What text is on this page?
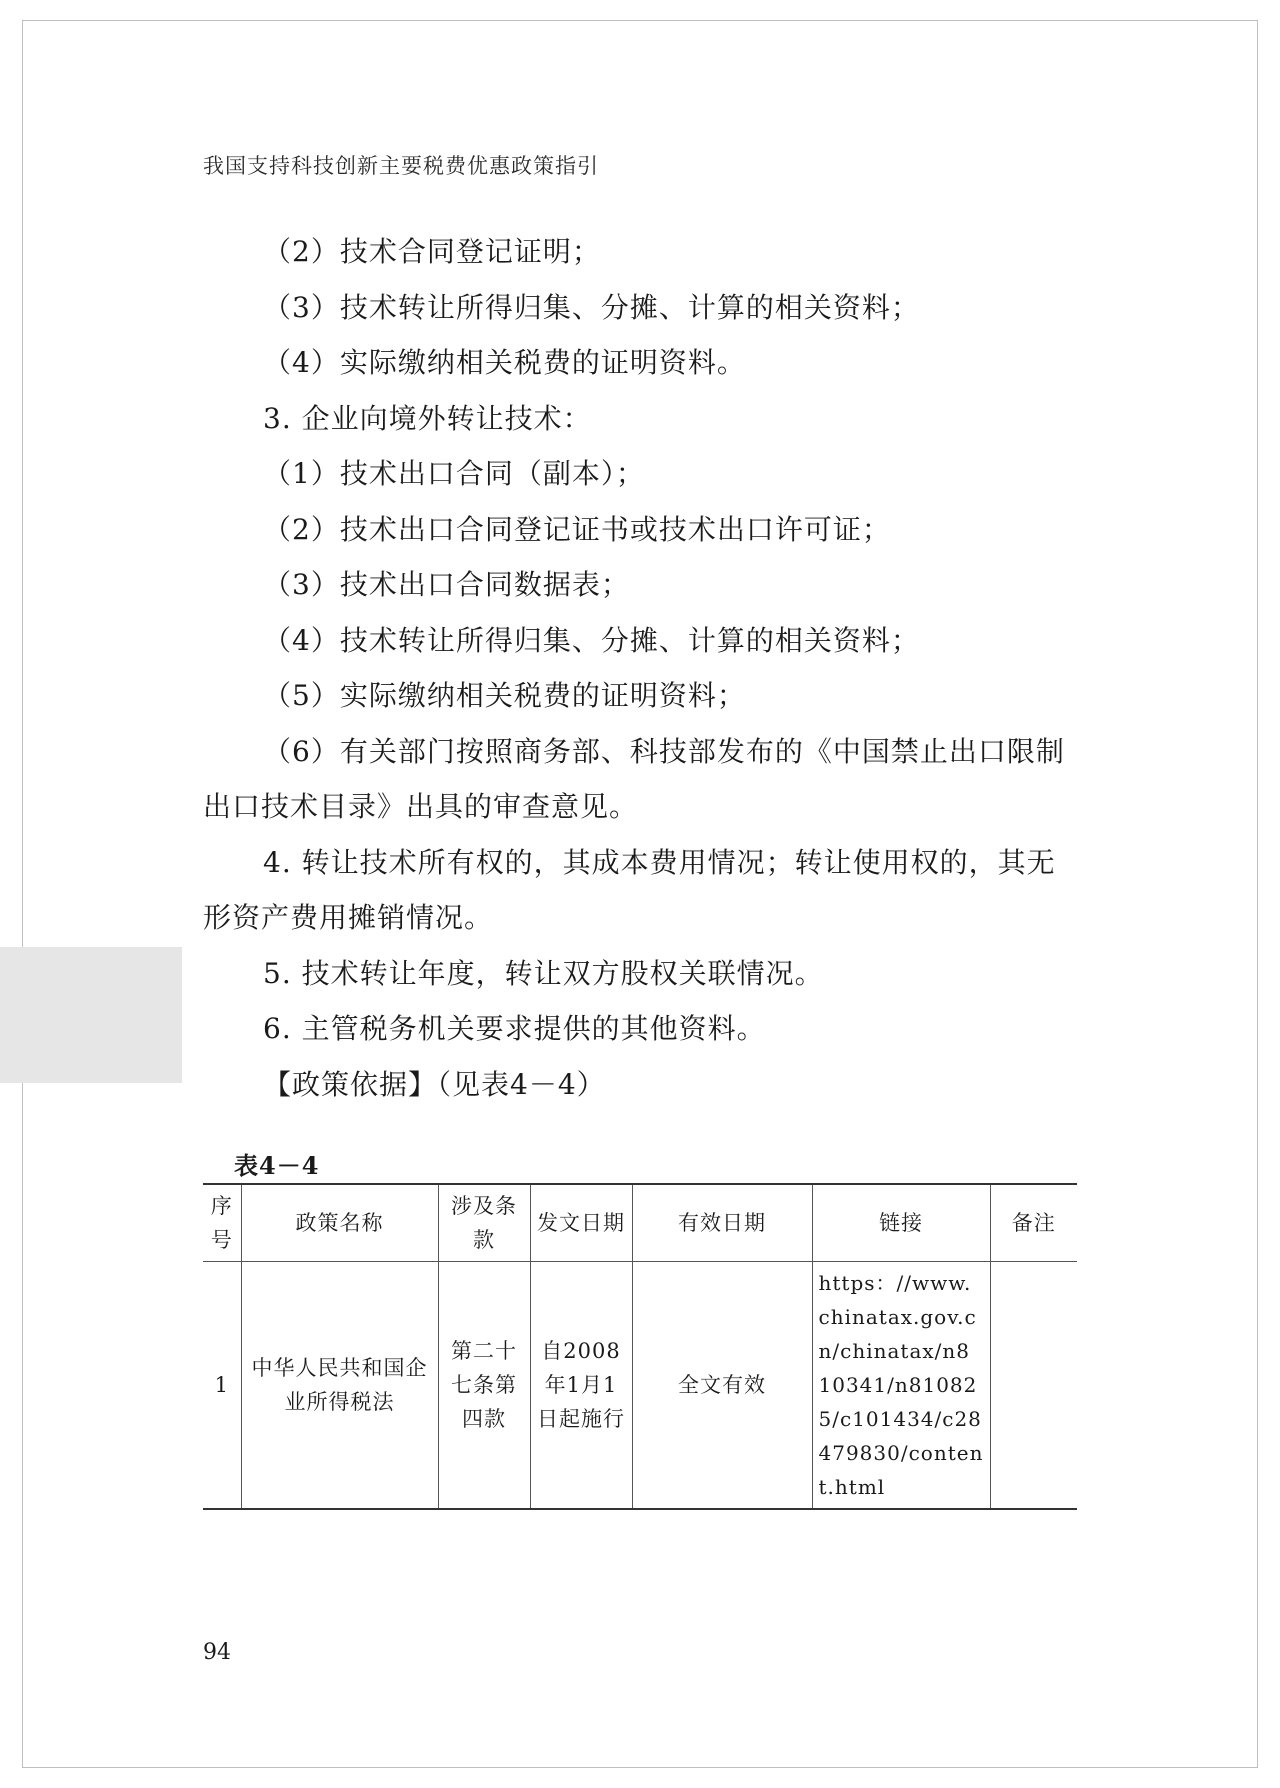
我国支持科技创新主要税费优惠政策指引

（2）技术合同登记证明；

（3）技术转让所得归集、分摊、计算的相关资料；

（4）实际缴纳相关税费的证明资料。

3. 企业向境外转让技术：

（1）技术出口合同（副本）；

（2）技术出口合同登记证书或技术出口许可证；

（3）技术出口合同数据表；

（4）技术转让所得归集、分摊、计算的相关资料；

（5）实际缴纳相关税费的证明资料；

（6）有关部门按照商务部、科技部发布的《中国禁止出口限制出口技术目录》出具的审查意见。

4. 转让技术所有权的，其成本费用情况；转让使用权的，其无形资产费用摊销情况。

5. 技术转让年度，转让双方股权关联情况。

6. 主管税务机关要求提供的其他资料。

【政策依据】（见表4－4）

表4－4
序号	政策名称	涉及条款	发文日期	有效日期	链接	备注
1	中华人民共和国企业所得税法	第二十七条第四款	自2008年1月1日起施行	全文有效	https：//www.chinatax.gov.cn/chinatax/n810341/n810825/c101434/c28479830/content.html	
94
